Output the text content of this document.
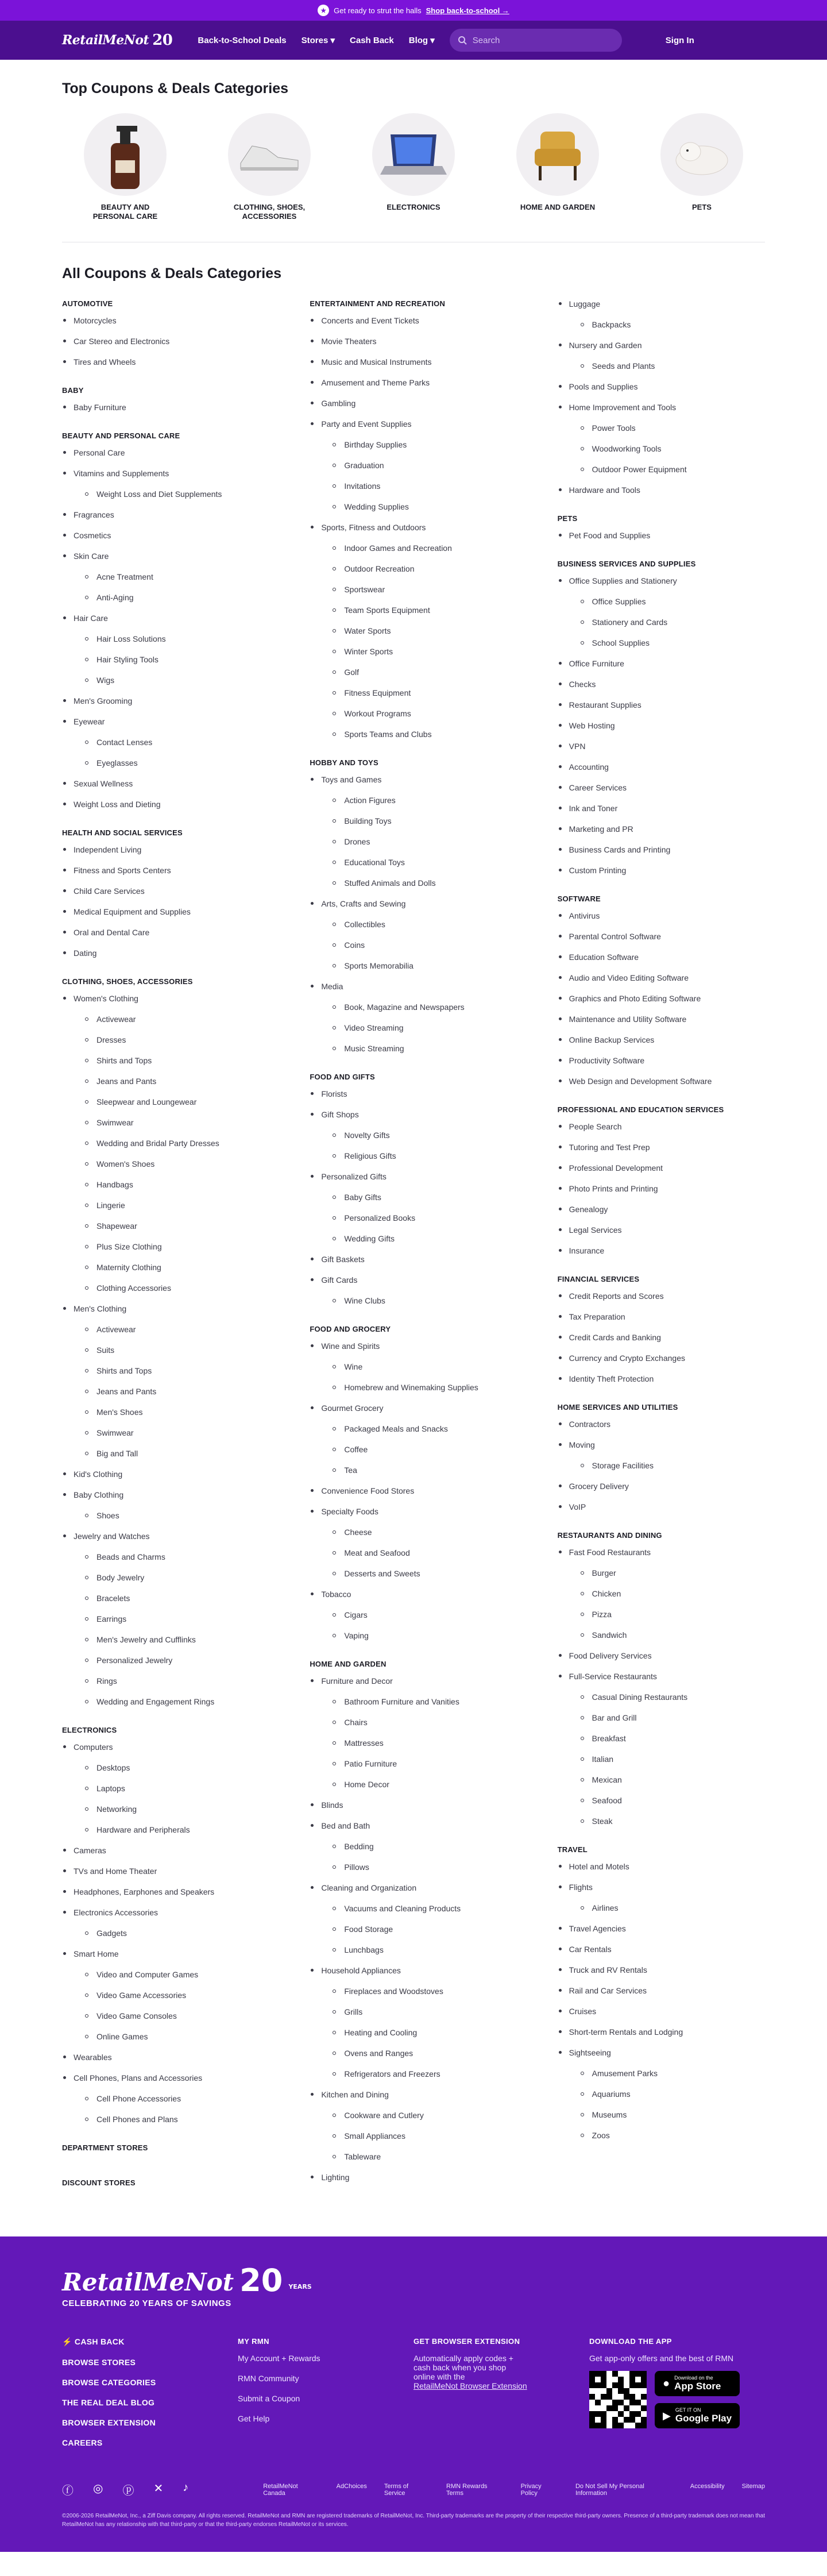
★	Get ready to strut the halls Shop back-to-school →
RetailMeNot 20	Back-to-School Deals Stores ▾ Cash Back Blog ▾	Search	Sign In
Top Coupons & Deals Categories
BEAUTY AND PERSONAL CARE
CLOTHING, SHOES, ACCESSORIES
ELECTRONICS	HOME AND GARDEN	PETS
All Coupons & Deals Categories
AUTOMOTIVE
Motorcycles
Car Stereo and Electronics
Tires and Wheels
BABY
Baby Furniture
BEAUTY AND PERSONAL CARE
Personal Care
Vitamins and Supplements
Weight Loss and Diet Supplements
Fragrances
Cosmetics
Skin Care
Acne Treatment
Anti-Aging
Hair Care
Hair Loss Solutions
Hair Styling Tools
Wigs
Men's Grooming
Eyewear
Contact Lenses
Eyeglasses
Sexual Wellness
Weight Loss and Dieting
HEALTH AND SOCIAL SERVICES
Independent Living
Fitness and Sports Centers
Child Care Services
Medical Equipment and Supplies
Oral and Dental Care
Dating
CLOTHING, SHOES, ACCESSORIES
Women's Clothing
Activewear
Dresses
Shirts and Tops
Jeans and Pants
Sleepwear and Loungewear
Swimwear
Wedding and Bridal Party Dresses
Women's Shoes
Handbags
Lingerie
Shapewear
Plus Size Clothing
Maternity Clothing
Clothing Accessories
Men's Clothing
Activewear
Suits
Shirts and Tops
Jeans and Pants
Men's Shoes
Swimwear
Big and Tall
Kid's Clothing
Baby Clothing
Shoes
Jewelry and Watches
Beads and Charms
Body Jewelry
Bracelets
Earrings
Men's Jewelry and Cufflinks
Personalized Jewelry
Rings
Wedding and Engagement Rings
ELECTRONICS
Computers
Desktops
Laptops
Networking
Hardware and Peripherals
Cameras
TVs and Home Theater
Headphones, Earphones and Speakers
Electronics Accessories
Gadgets
Smart Home
Video and Computer Games
Video Game Accessories
Video Game Consoles
Online Games
Wearables
Cell Phones, Plans and Accessories
Cell Phone Accessories
Cell Phones and Plans
DEPARTMENT STORES
DISCOUNT STORES
ENTERTAINMENT AND RECREATION
Concerts and Event Tickets
Movie Theaters
Music and Musical Instruments
Amusement and Theme Parks
Gambling
Party and Event Supplies
Birthday Supplies
Graduation
Invitations
Wedding Supplies
Sports, Fitness and Outdoors
Indoor Games and Recreation
Outdoor Recreation
Sportswear
Team Sports Equipment
Water Sports
Winter Sports
Golf
Fitness Equipment
Workout Programs
Sports Teams and Clubs
HOBBY AND TOYS
Toys and Games
Action Figures
Building Toys
Drones
Educational Toys
Stuffed Animals and Dolls
Arts, Crafts and Sewing
Collectibles
Coins
Sports Memorabilia
Media
Book, Magazine and Newspapers
Video Streaming
Music Streaming
FOOD AND GIFTS
Florists
Gift Shops
Novelty Gifts
Religious Gifts
Personalized Gifts
Baby Gifts
Personalized Books
Wedding Gifts
Gift Baskets
Gift Cards
Wine Clubs
FOOD AND GROCERY
Wine and Spirits
Wine
Homebrew and Winemaking Supplies
Gourmet Grocery
Packaged Meals and Snacks
Coffee
Tea
Convenience Food Stores
Specialty Foods
Cheese
Meat and Seafood
Desserts and Sweets
Tobacco
Cigars
Vaping
HOME AND GARDEN
Furniture and Decor
Bathroom Furniture and Vanities
Chairs
Mattresses
Patio Furniture
Home Decor
Blinds
Bed and Bath
Bedding
Pillows
Cleaning and Organization
Vacuums and Cleaning Products
Food Storage
Lunchbags
Household Appliances
Fireplaces and Woodstoves
Grills
Heating and Cooling
Ovens and Ranges
Refrigerators and Freezers
Kitchen and Dining
Cookware and Cutlery
Small Appliances
Tableware
Lighting
Luggage
Backpacks
Nursery and Garden
Seeds and Plants
Pools and Supplies
Home Improvement and Tools
Power Tools
Woodworking Tools
Outdoor Power Equipment
Hardware and Tools
PETS
Pet Food and Supplies
BUSINESS SERVICES AND SUPPLIES
Office Supplies and Stationery
Office Supplies
Stationery and Cards
School Supplies
Office Furniture
Checks
Restaurant Supplies
Web Hosting
VPN
Accounting
Career Services
Ink and Toner
Marketing and PR
Business Cards and Printing
Custom Printing
SOFTWARE
Antivirus
Parental Control Software
Education Software
Audio and Video Editing Software
Graphics and Photo Editing Software
Maintenance and Utility Software
Online Backup Services
Productivity Software
Web Design and Development Software
PROFESSIONAL AND EDUCATION SERVICES
People Search
Tutoring and Test Prep
Professional Development
Photo Prints and Printing
Genealogy
Legal Services
Insurance
FINANCIAL SERVICES
Credit Reports and Scores
Tax Preparation
Credit Cards and Banking
Currency and Crypto Exchanges
Identity Theft Protection
HOME SERVICES AND UTILITIES
Contractors
Moving
Storage Facilities
Grocery Delivery
VoIP
RESTAURANTS AND DINING
Fast Food Restaurants
Burger
Chicken
Pizza
Sandwich
Food Delivery Services
Full-Service Restaurants
Casual Dining Restaurants
Bar and Grill
Breakfast
Italian
Mexican
Seafood
Steak
TRAVEL
Hotel and Motels
Flights
Airlines
Travel Agencies
Car Rentals
Truck and RV Rentals
Rail and Car Services
Cruises
Short-term Rentals and Lodging
Sightseeing
Amusement Parks
Aquariums
Museums
Zoos
RetailMeNot 20 YEARS
CELEBRATING 20 YEARS OF SAVINGS
⚡ CASH BACK
BROWSE STORES
BROWSE CATEGORIES
THE REAL DEAL BLOG
BROWSER EXTENSION
CAREERS
MY RMN
My Account + Rewards
RMN Community
Submit a Coupon
Get Help
GET BROWSER EXTENSION
Automatically apply codes + cash back when you shop online with the
RetailMeNot Browser Extension
DOWNLOAD THE APP
Get app-only offers and the best of RMN
● Download on the
App Store
▶ GET IT ON
Google Play
ⓕ ◎ ⓟ ✕ ♪	RetailMeNot Canada
AdChoices	Terms of Service
RMN Rewards Terms
Privacy Policy
Do Not Sell My Personal Information
Accessibility	Sitemap
©2006-2026 RetailMeNot, Inc., a Ziff Davis company. All rights reserved. RetailMeNot and RMN are registered trademarks of RetailMeNot, Inc. Third-party trademarks are the property of their respective third-party owners. Presence of a third-party trademark does not mean that RetailMeNot has any relationship with that third-party or that the third-party endorses RetailMeNot or its services.
